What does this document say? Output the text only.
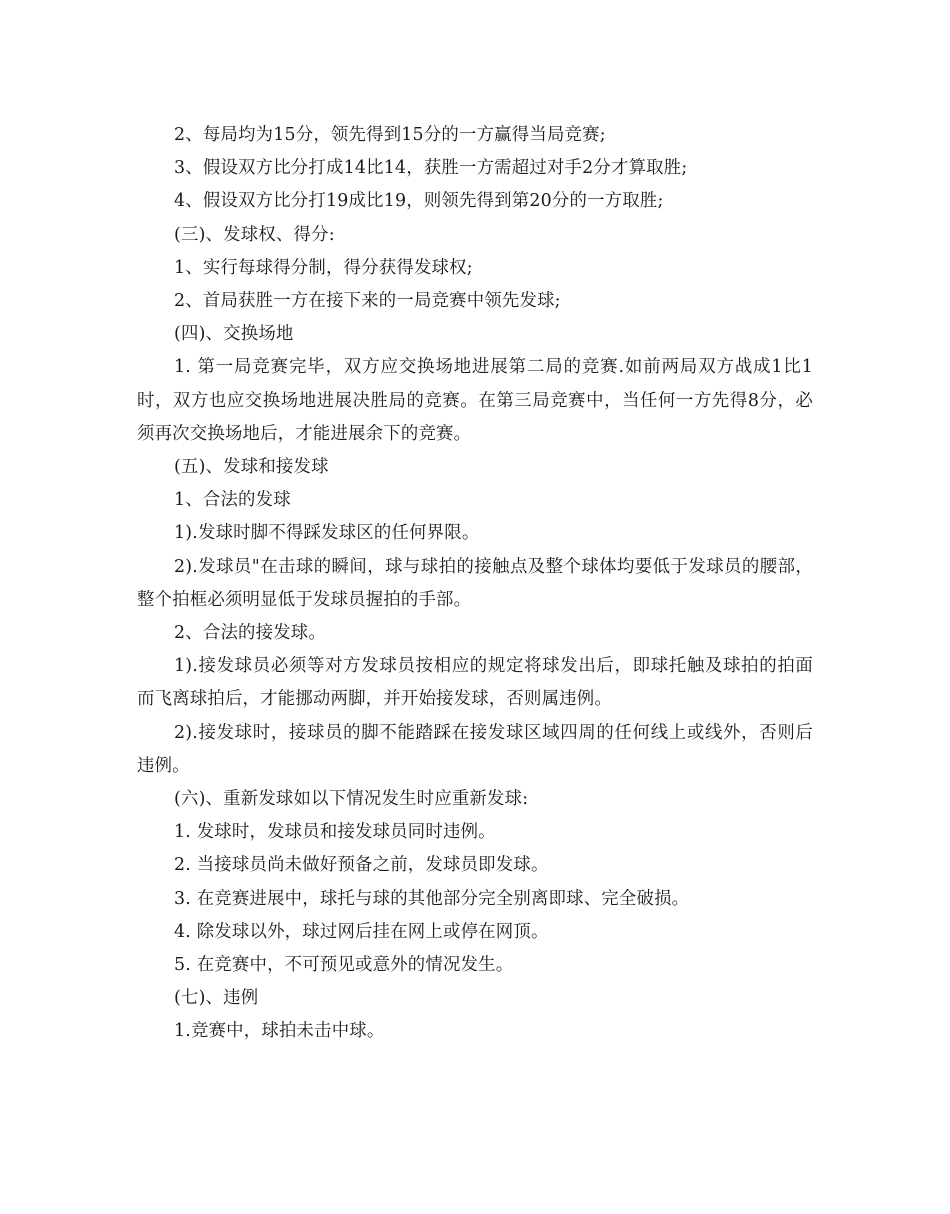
2、每局均为15分，领先得到15分的一方赢得当局竞赛;

3、假设双方比分打成14比14，获胜一方需超过对手2分才算取胜;

4、假设双方比分打19成比19，则领先得到第20分的一方取胜;

(三)、发球权、得分:

1、实行每球得分制，得分获得发球权;

2、首局获胜一方在接下来的一局竞赛中领先发球;

(四)、交换场地

1. 第一局竞赛完毕，双方应交换场地进展第二局的竞赛.如前两局双方战成1比1时，双方也应交换场地进展决胜局的竞赛。在第三局竞赛中，当任何一方先得8分，必须再次交换场地后，才能进展余下的竞赛。

(五)、发球和接发球

1、合法的发球

1).发球时脚不得踩发球区的任何界限。

2).发球员"在击球的瞬间，球与球拍的接触点及整个球体均要低于发球员的腰部，整个拍框必须明显低于发球员握拍的手部。

2、合法的接发球。

1).接发球员必须等对方发球员按相应的规定将球发出后，即球托触及球拍的拍面而飞离球拍后，才能挪动两脚，并开始接发球，否则属违例。

2).接发球时，接球员的脚不能踏踩在接发球区域四周的任何线上或线外，否则后违例。

(六)、重新发球如以下情况发生时应重新发球:

1. 发球时，发球员和接发球员同时违例。

2. 当接球员尚未做好预备之前，发球员即发球。

3. 在竞赛进展中，球托与球的其他部分完全别离即球、完全破损。

4. 除发球以外，球过网后挂在网上或停在网顶。

5. 在竞赛中，不可预见或意外的情况发生。

(七)、违例

1.竞赛中，球拍未击中球。
